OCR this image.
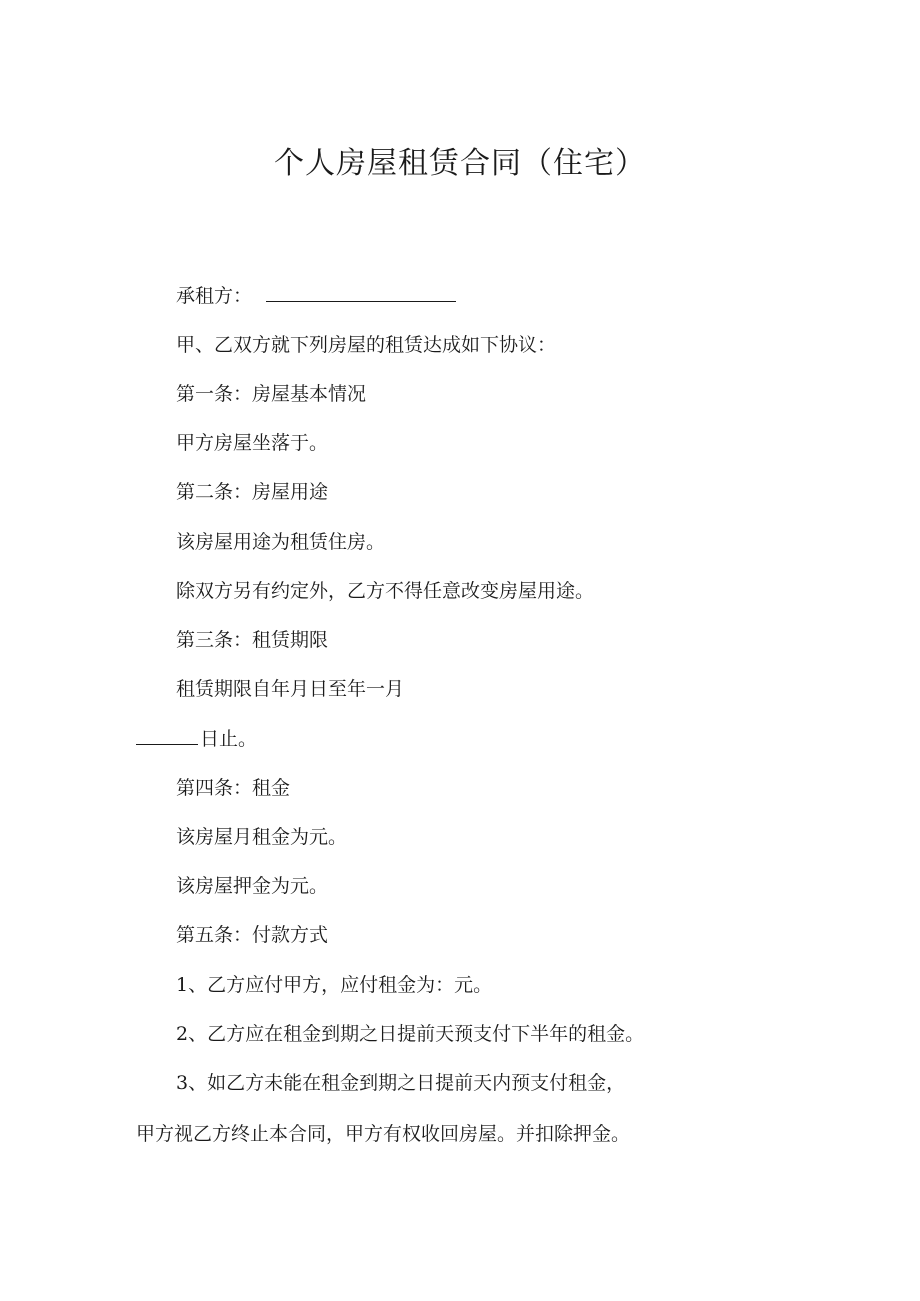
个人房屋租赁合同（住宅）
承租方：
甲、乙双方就下列房屋的租赁达成如下协议：
第一条：房屋基本情况
甲方房屋坐落于。
第二条：房屋用途
该房屋用途为租赁住房。
除双方另有约定外，乙方不得任意改变房屋用途。
第三条：租赁期限
租赁期限自年月日至年一月
日止。
第四条：租金
该房屋月租金为元。
该房屋押金为元。
第五条：付款方式
1、乙方应付甲方，应付租金为：元。
2、乙方应在租金到期之日提前天预支付下半年的租金。
3、如乙方未能在租金到期之日提前天内预支付租金，
甲方视乙方终止本合同，甲方有权收回房屋。并扣除押金。
